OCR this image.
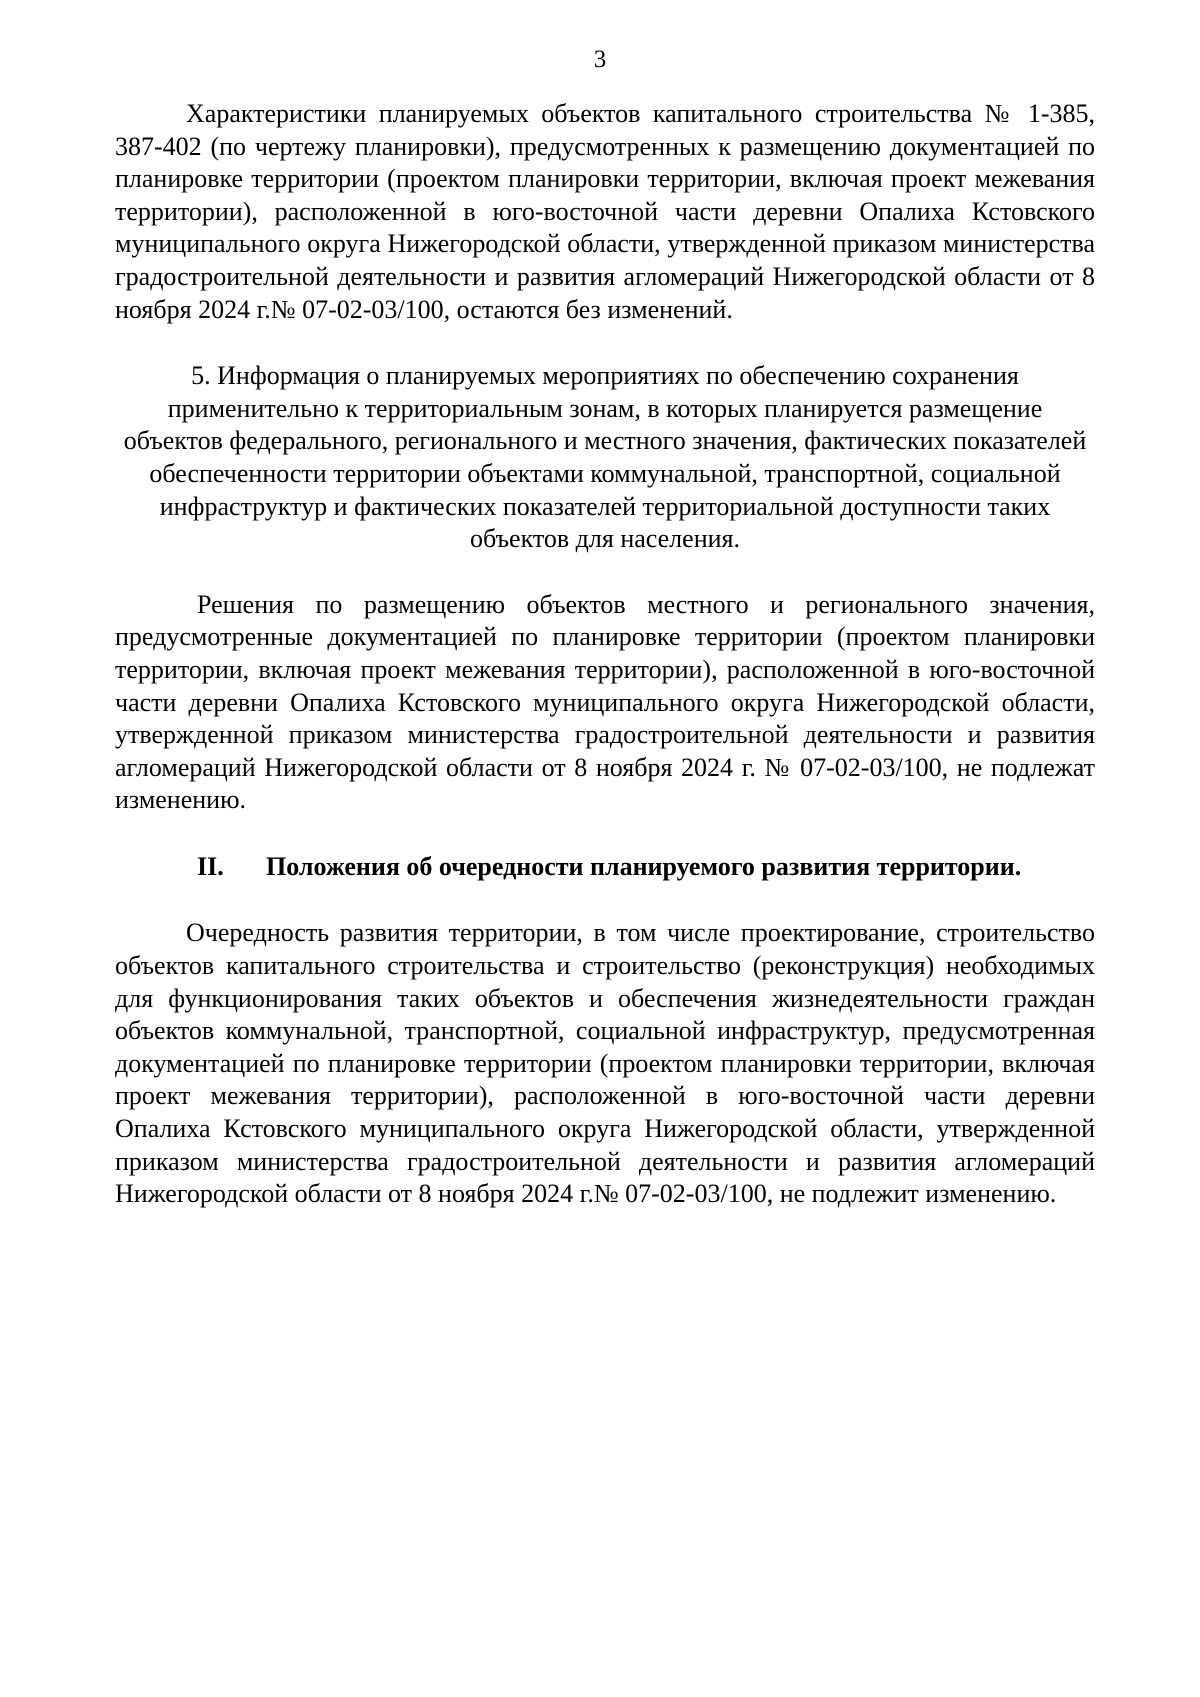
3

Характеристики планируемых объектов капитального строительства № 1-385, 387-402 (по чертежу планировки), предусмотренных к размещению документацией по планировке территории (проектом планировки территории, включая проект межевания территории), расположенной в юго-восточной части деревни Опалиха Кстовского муниципального округа Нижегородской области, утвержденной приказом министерства градостроительной деятельности и развития агломераций Нижегородской области от 8 ноября 2024 г.№ 07-02-03/100, остаются без изменений.

5. Информация о планируемых мероприятиях по обеспечению сохранения применительно к территориальным зонам, в которых планируется размещение объектов федерального, регионального и местного значения, фактических показателей обеспеченности территории объектами коммунальной, транспортной, социальной инфраструктур и фактических показателей территориальной доступности таких объектов для населения.

Решения по размещению объектов местного и регионального значения, предусмотренные документацией по планировке территории (проектом планировки территории, включая проект межевания территории), расположенной в юго-восточной части деревни Опалиха Кстовского муниципального округа Нижегородской области, утвержденной приказом министерства градостроительной деятельности и развития агломераций Нижегородской области от 8 ноября 2024 г. № 07-02-03/100, не подлежат изменению.

II.	Положения об очередности планируемого развития территории.

Очередность развития территории, в том числе проектирование, строительство объектов капитального строительства и строительство (реконструкция) необходимых для функционирования таких объектов и обеспечения жизнедеятельности граждан объектов коммунальной, транспортной, социальной инфраструктур, предусмотренная документацией по планировке территории (проектом планировки территории, включая проект межевания территории), расположенной в юго-восточной части деревни Опалиха Кстовского муниципального округа Нижегородской области, утвержденной приказом министерства градостроительной деятельности и развития агломераций Нижегородской области от 8 ноября 2024 г.№ 07-02-03/100, не подлежит изменению.
